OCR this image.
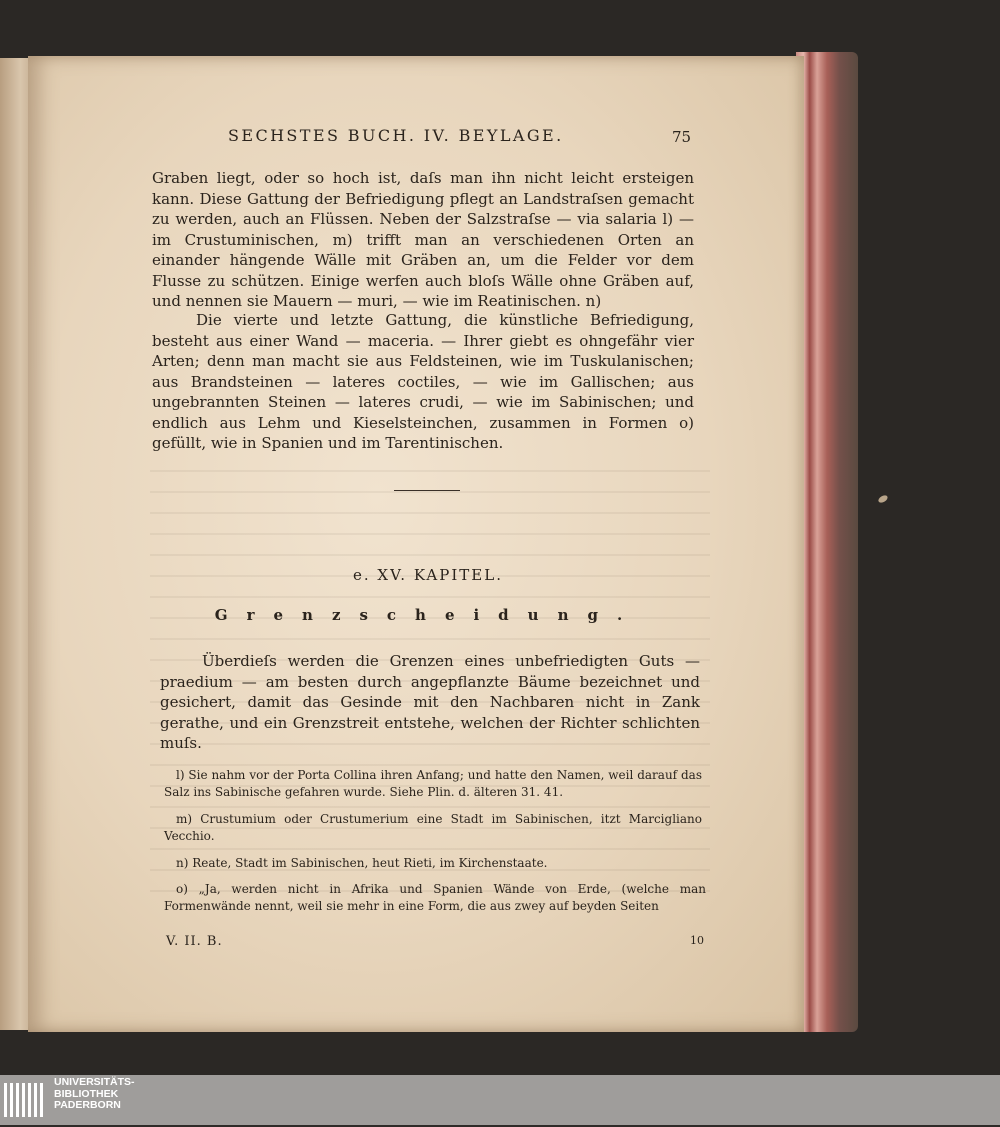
SECHSTES BUCH. IV. BEYLAGE.	75
Graben liegt, oder so hoch ist, daſs man ihn nicht leicht ersteigen kann. Diese Gattung der Befriedigung pflegt an Landstraſsen gemacht zu werden, auch an Flüssen. Neben der Salzstraſse — via salaria l) — im Crustuminischen, m) trifft man an verschiedenen Orten an einander hängende Wälle mit Gräben an, um die Felder vor dem Flusse zu schützen. Einige werfen auch bloſs Wälle ohne Gräben auf, und nennen sie Mauern — muri, — wie im Reatinischen. n)
Die vierte und letzte Gattung, die künstliche Befriedigung, besteht aus einer Wand — maceria. — Ihrer giebt es ohngefähr vier Arten; denn man macht sie aus Feldsteinen, wie im Tuskulanischen; aus Brandsteinen — lateres coctiles, — wie im Gallischen; aus ungebrannten Steinen — lateres crudi, — wie im Sabinischen; und endlich aus Lehm und Kieselsteinchen, zusammen in Formen o) gefüllt, wie in Spanien und im Tarentinischen.
e. XV. KAPITEL.
Grenzscheidung.
Überdieſs werden die Grenzen eines unbefriedigten Guts — praedium — am besten durch angepflanzte Bäume bezeichnet und gesichert, damit das Gesinde mit den Nachbaren nicht in Zank gerathe, und ein Grenzstreit entstehe, welchen der Richter schlichten muſs.
l) Sie nahm vor der Porta Collina ihren Anfang; und hatte den Namen, weil darauf das Salz ins Sabinische gefahren wurde. Siehe Plin. d. älteren 31. 41.
m) Crustumium oder Crustumerium eine Stadt im Sabinischen, itzt Marcigliano Vecchio.
n) Reate, Stadt im Sabinischen, heut Rieti, im Kirchenstaate.
o) „Ja, werden nicht in Afrika und Spanien Wände von Erde, (welche man Formenwände nennt, weil sie mehr in eine Form, die aus zwey auf beyden Seiten
V. II. B.	10
UNIVERSITÄTS-
BIBLIOTHEK
PADERBORN
